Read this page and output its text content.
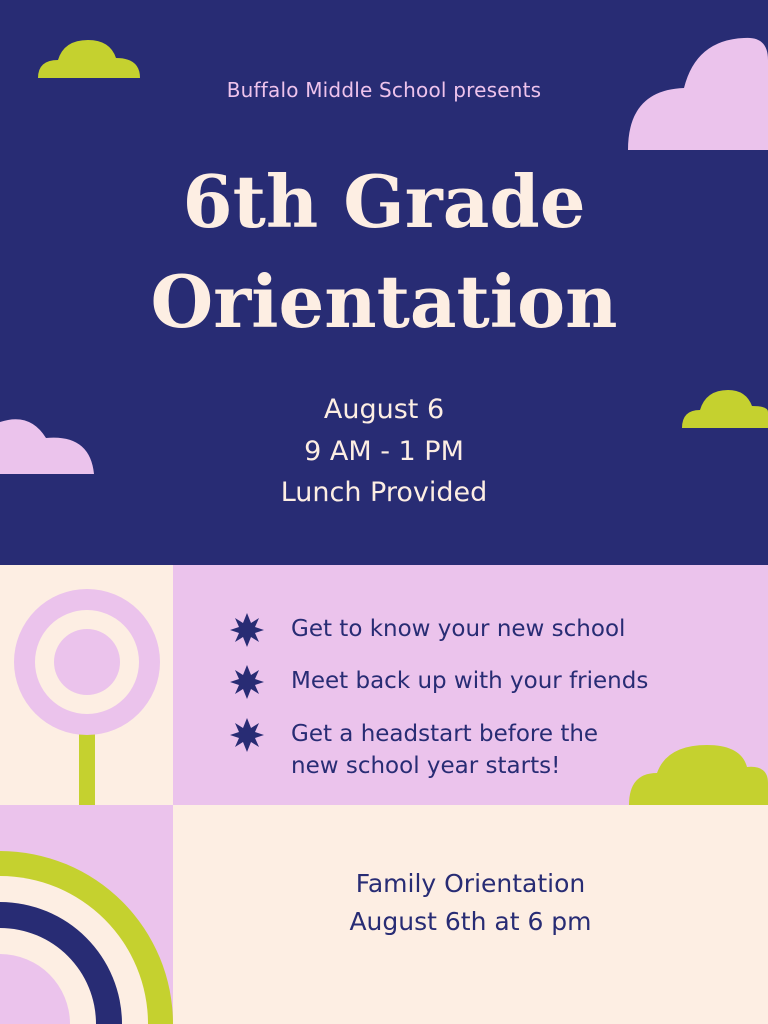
Buffalo Middle School presents
6th Grade
Orientation
August 6
9 AM - 1 PM
Lunch Provided
Get to know your new school
Meet back up with your friends
Get a headstart before the
new school year starts!
Family Orientation
August 6th at 6 pm
